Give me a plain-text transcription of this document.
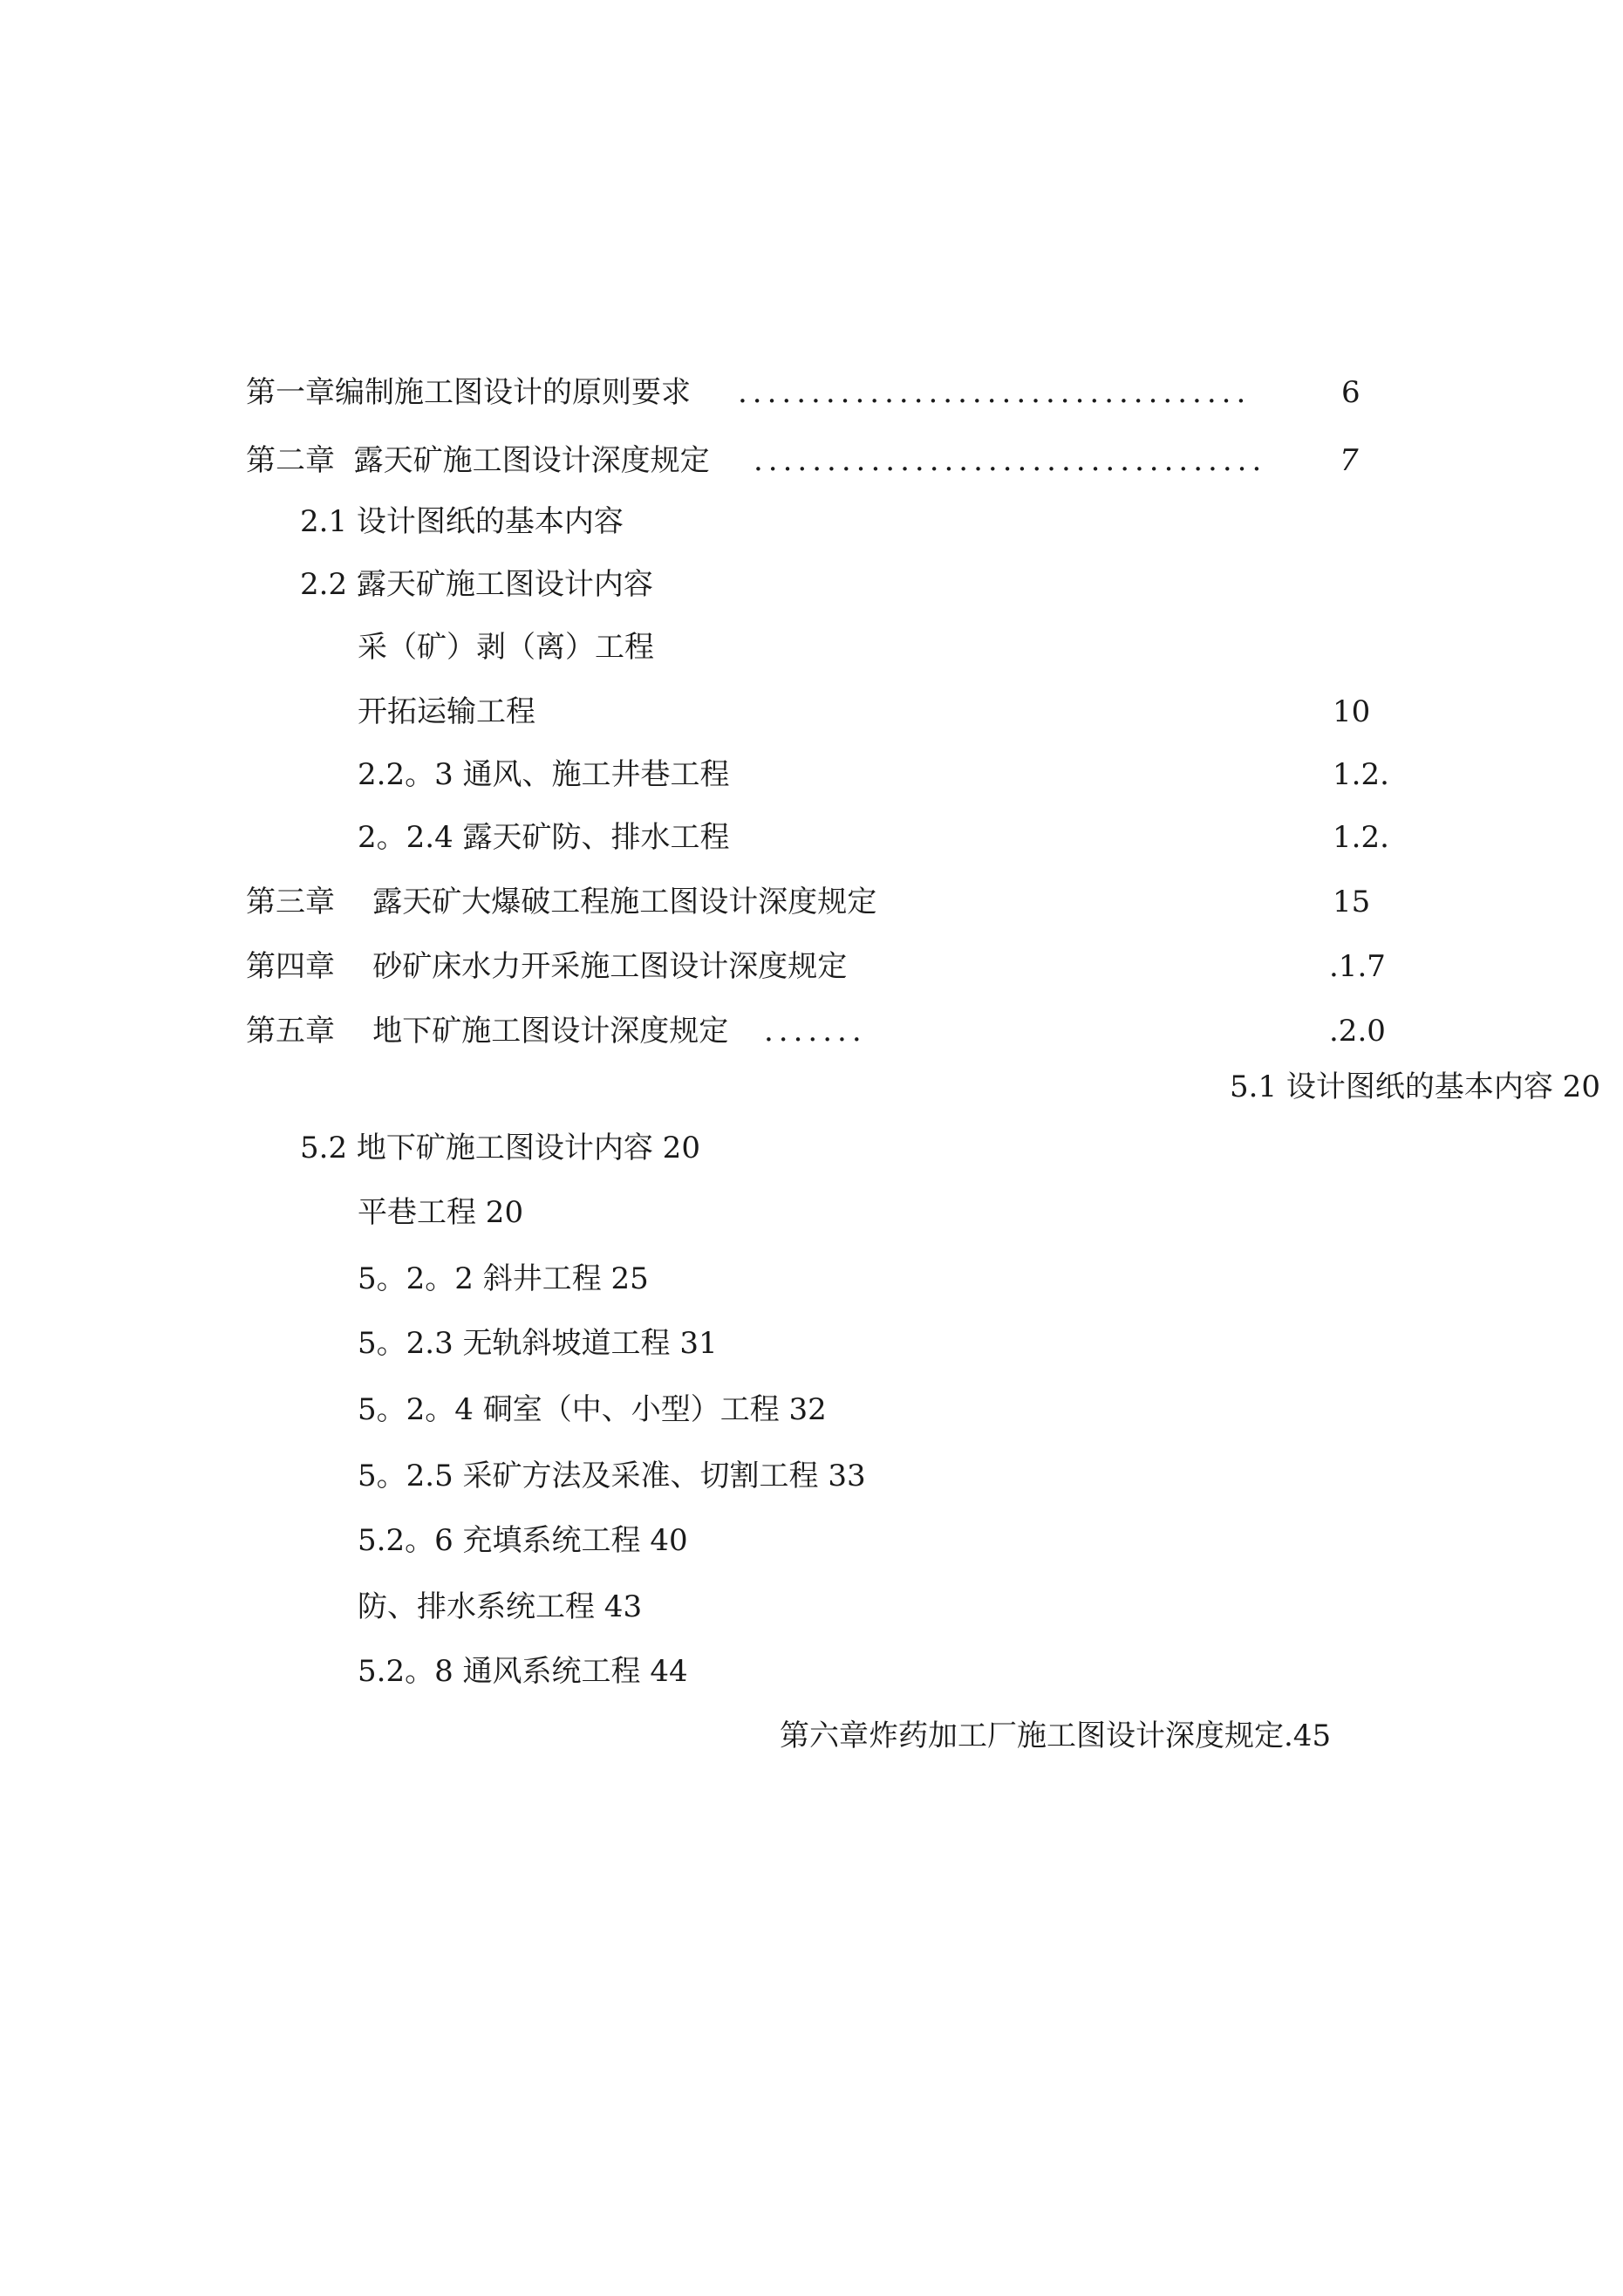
第一章编制施工图设计的原则要求 ...................................	6
第二章  露天矿施工图设计深度规定 ...................................	7
2.1 设计图纸的基本内容
2.2 露天矿施工图设计内容
采（矿）剥（离）工程
开拓运输工程	10
2.2。3 通风、施工井巷工程	1.2.
2。2.4 露天矿防、排水工程	1.2.
第三章    露天矿大爆破工程施工图设计深度规定	15
第四章    砂矿床水力开采施工图设计深度规定	.1.7
第五章    地下矿施工图设计深度规定 .......	.2.0
5.1 设计图纸的基本内容 20
5.2 地下矿施工图设计内容 20
平巷工程 20
5。2。2 斜井工程 25
5。2.3 无轨斜坡道工程 31
5。2。4 硐室（中、小型）工程 32
5。2.5 采矿方法及采准、切割工程 33
5.2。6 充填系统工程 40
防、排水系统工程 43
5.2。8 通风系统工程 44
第六章炸药加工厂施工图设计深度规定.45
